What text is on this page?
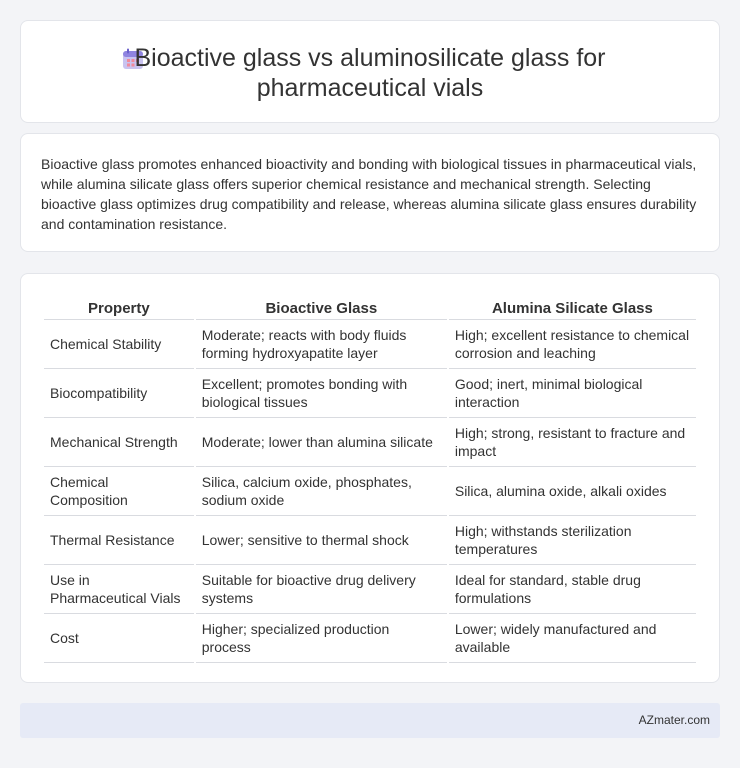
Bioactive glass vs aluminosilicate glass for
pharmaceutical vials

Bioactive glass promotes enhanced bioactivity and bonding with biological tissues in pharmaceutical vials, while alumina silicate glass offers superior chemical resistance and mechanical strength. Selecting bioactive glass optimizes drug compatibility and release, whereas alumina silicate glass ensures durability and contamination resistance.

Property	Bioactive Glass	Alumina Silicate Glass
Chemical Stability	Moderate; reacts with body fluids forming hydroxyapatite layer	High; excellent resistance to chemical corrosion and leaching
Biocompatibility	Excellent; promotes bonding with biological tissues	Good; inert, minimal biological interaction
Mechanical Strength	Moderate; lower than alumina silicate	High; strong, resistant to fracture and impact
Chemical Composition	Silica, calcium oxide, phosphates, sodium oxide	Silica, alumina oxide, alkali oxides
Thermal Resistance	Lower; sensitive to thermal shock	High; withstands sterilization temperatures
Use in Pharmaceutical Vials	Suitable for bioactive drug delivery systems	Ideal for standard, stable drug formulations
Cost	Higher; specialized production process	Lower; widely manufactured and available
AZmater.com
